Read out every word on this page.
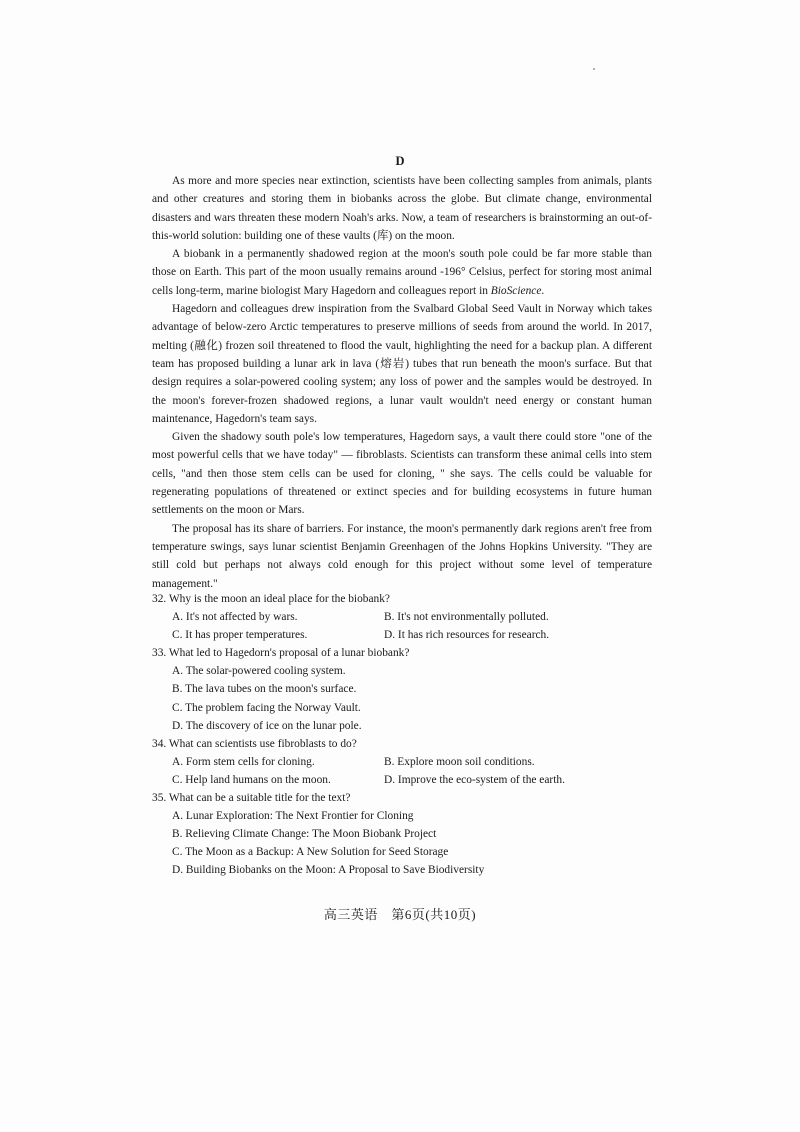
D

As more and more species near extinction, scientists have been collecting samples from animals, plants and other creatures and storing them in biobanks across the globe. But climate change, environmental disasters and wars threaten these modern Noah's arks. Now, a team of researchers is brainstorming an out-of-this-world solution: building one of these vaults (库) on the moon.

A biobank in a permanently shadowed region at the moon's south pole could be far more stable than those on Earth. This part of the moon usually remains around -196° Celsius, perfect for storing most animal cells long-term, marine biologist Mary Hagedorn and colleagues report in BioScience.

Hagedorn and colleagues drew inspiration from the Svalbard Global Seed Vault in Norway which takes advantage of below-zero Arctic temperatures to preserve millions of seeds from around the world. In 2017, melting (融化) frozen soil threatened to flood the vault, highlighting the need for a backup plan. A different team has proposed building a lunar ark in lava (熔岩) tubes that run beneath the moon's surface. But that design requires a solar-powered cooling system; any loss of power and the samples would be destroyed. In the moon's forever-frozen shadowed regions, a lunar vault wouldn't need energy or constant human maintenance, Hagedorn's team says.

Given the shadowy south pole's low temperatures, Hagedorn says, a vault there could store "one of the most powerful cells that we have today" — fibroblasts. Scientists can transform these animal cells into stem cells, "and then those stem cells can be used for cloning, " she says. The cells could be valuable for regenerating populations of threatened or extinct species and for building ecosystems in future human settlements on the moon or Mars.

The proposal has its share of barriers. For instance, the moon's permanently dark regions aren't free from temperature swings, says lunar scientist Benjamin Greenhagen of the Johns Hopkins University. "They are still cold but perhaps not always cold enough for this project without some level of temperature management."

32. Why is the moon an ideal place for the biobank?
A. It's not affected by wars.	B. It's not environmentally polluted.
C. It has proper temperatures.	D. It has rich resources for research.
33. What led to Hagedorn's proposal of a lunar biobank?
A. The solar-powered cooling system.
B. The lava tubes on the moon's surface.
C. The problem facing the Norway Vault.
D. The discovery of ice on the lunar pole.
34. What can scientists use fibroblasts to do?
A. Form stem cells for cloning.	B. Explore moon soil conditions.
C. Help land humans on the moon.	D. Improve the eco-system of the earth.
35. What can be a suitable title for the text?
A. Lunar Exploration: The Next Frontier for Cloning
B. Relieving Climate Change: The Moon Biobank Project
C. The Moon as a Backup: A New Solution for Seed Storage
D. Building Biobanks on the Moon: A Proposal to Save Biodiversity
高三英语　第6页(共10页)
